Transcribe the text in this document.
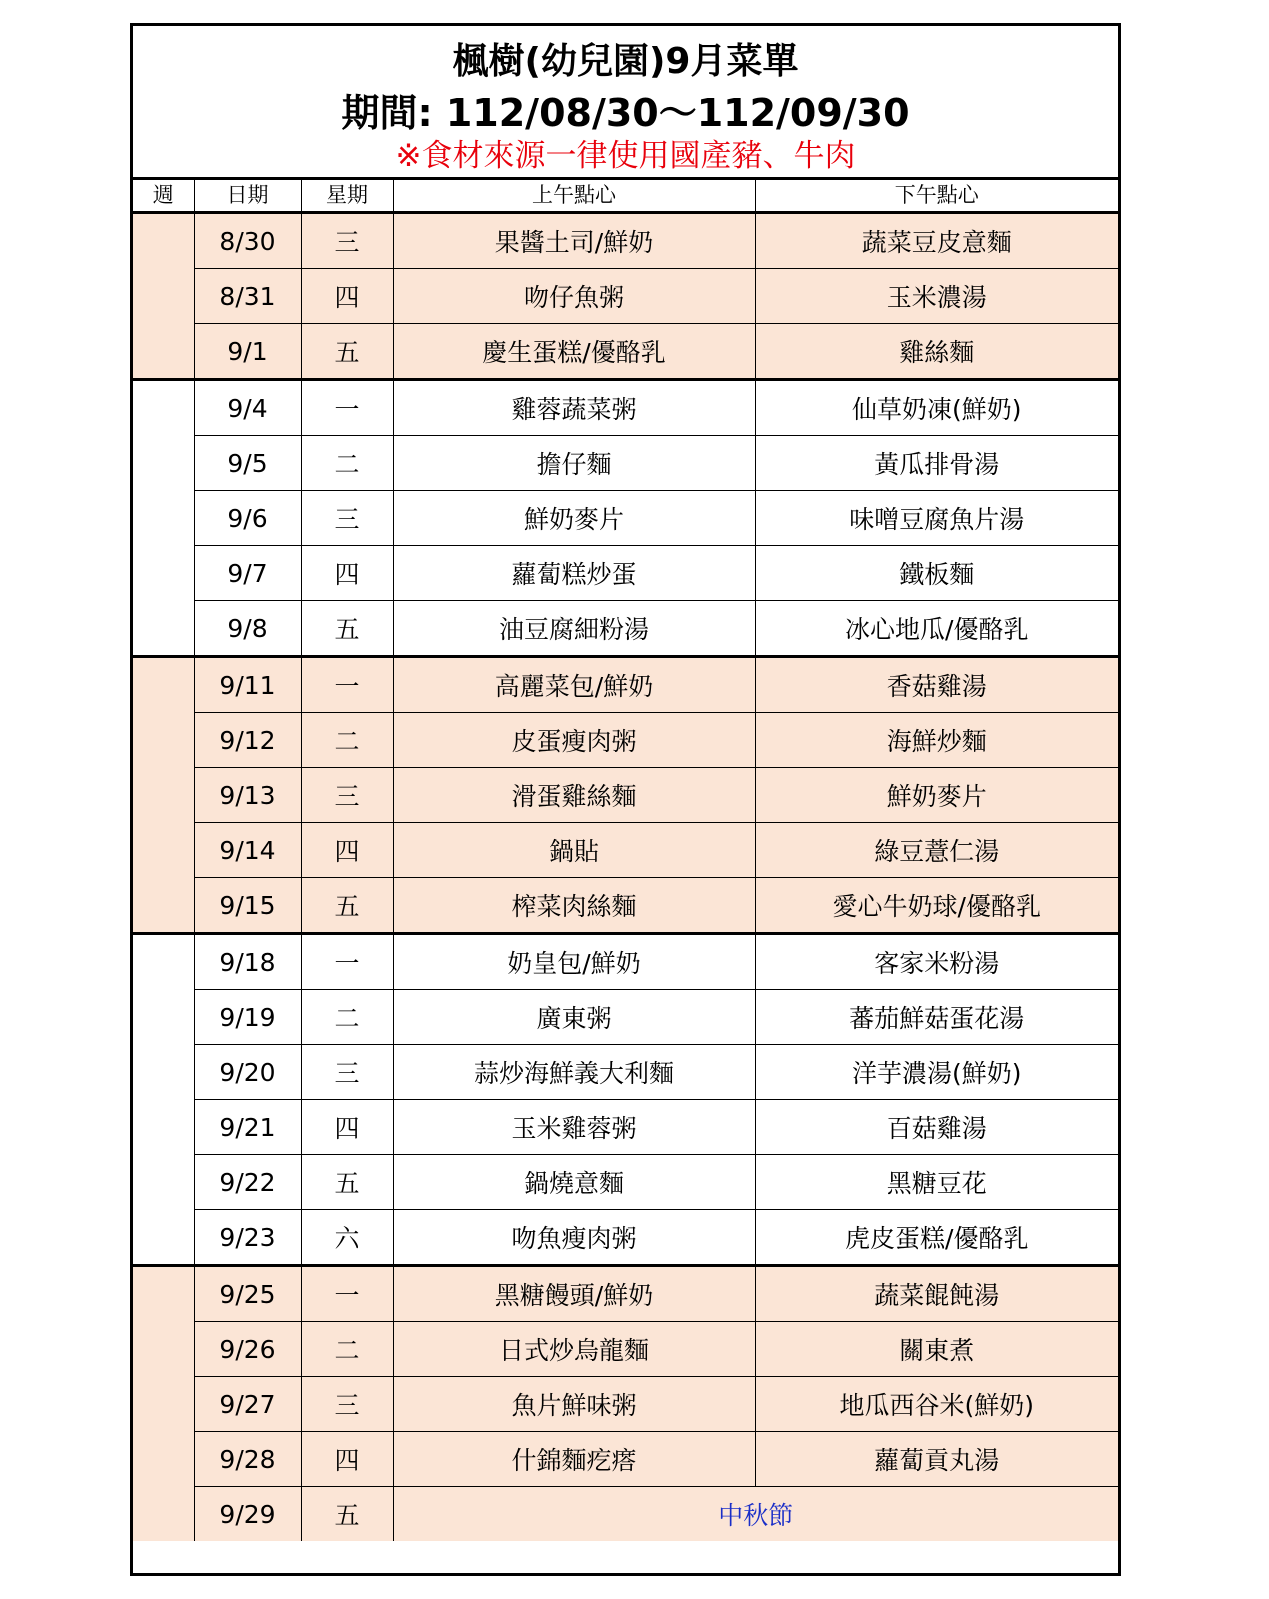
楓樹(幼兒園)9月菜單
期間: 112/08/30～112/09/30
※食材來源一律使用國產豬、牛肉
週	日期	星期	上午點心	下午點心
	8/30	三	果醬土司/鮮奶	蔬菜豆皮意麵
	8/31	四	吻仔魚粥	玉米濃湯
	9/1	五	慶生蛋糕/優酪乳	雞絲麵
	9/4	一	雞蓉蔬菜粥	仙草奶凍(鮮奶)
	9/5	二	擔仔麵	黃瓜排骨湯
	9/6	三	鮮奶麥片	味噌豆腐魚片湯
	9/7	四	蘿蔔糕炒蛋	鐵板麵
	9/8	五	油豆腐細粉湯	冰心地瓜/優酪乳
	9/11	一	高麗菜包/鮮奶	香菇雞湯
	9/12	二	皮蛋瘦肉粥	海鮮炒麵
	9/13	三	滑蛋雞絲麵	鮮奶麥片
	9/14	四	鍋貼	綠豆薏仁湯
	9/15	五	榨菜肉絲麵	愛心牛奶球/優酪乳
	9/18	一	奶皇包/鮮奶	客家米粉湯
	9/19	二	廣東粥	蕃茄鮮菇蛋花湯
	9/20	三	蒜炒海鮮義大利麵	洋芋濃湯(鮮奶)
	9/21	四	玉米雞蓉粥	百菇雞湯
	9/22	五	鍋燒意麵	黑糖豆花
	9/23	六	吻魚瘦肉粥	虎皮蛋糕/優酪乳
	9/25	一	黑糖饅頭/鮮奶	蔬菜餛飩湯
	9/26	二	日式炒烏龍麵	關東煮
	9/27	三	魚片鮮味粥	地瓜西谷米(鮮奶)
	9/28	四	什錦麵疙瘩	蘿蔔貢丸湯
	9/29	五	中秋節	
